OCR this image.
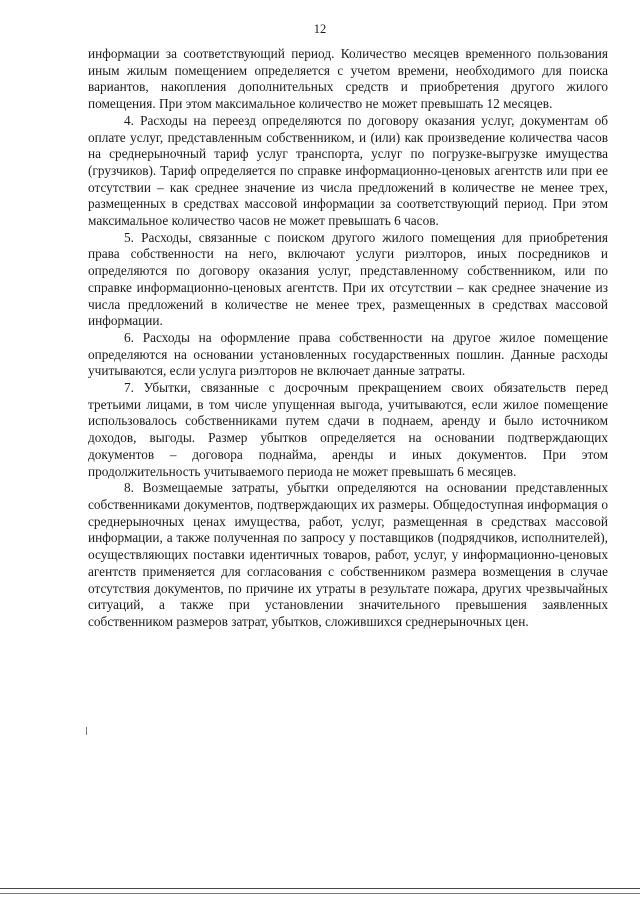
12

информации за соответствующий период. Количество месяцев временного пользования иным жилым помещением определяется с учетом времени, необходимого для поиска вариантов, накопления дополнительных средств и приобретения другого жилого помещения. При этом максимальное количество не может превышать 12 месяцев.

4. Расходы на переезд определяются по договору оказания услуг, документам об оплате услуг, представленным собственником, и (или) как произведение количества часов на среднерыночный тариф услуг транспорта, услуг по погрузке-выгрузке имущества (грузчиков). Тариф определяется по справке информационно-ценовых агентств или при ее отсутствии – как среднее значение из числа предложений в количестве не менее трех, размещенных в средствах массовой информации за соответствующий период. При этом максимальное количество часов не может превышать 6 часов.

5. Расходы, связанные с поиском другого жилого помещения для приобретения права собственности на него, включают услуги риэлторов, иных посредников и определяются по договору оказания услуг, представленному собственником, или по справке информационно-ценовых агентств. При их отсутствии – как среднее значение из числа предложений в количестве не менее трех, размещенных в средствах массовой информации.

6. Расходы на оформление права собственности на другое жилое помещение определяются на основании установленных государственных пошлин. Данные расходы учитываются, если услуга риэлторов не включает данные затраты.

7. Убытки, связанные с досрочным прекращением своих обязательств перед третьими лицами, в том числе упущенная выгода, учитываются, если жилое помещение использовалось собственниками путем сдачи в поднаем, аренду и было источником доходов, выгоды. Размер убытков определяется на основании подтверждающих документов – договора поднайма, аренды и иных документов. При этом продолжительность учитываемого периода не может превышать 6 месяцев.

8. Возмещаемые затраты, убытки определяются на основании представленных собственниками документов, подтверждающих их размеры. Общедоступная информация о среднерыночных ценах имущества, работ, услуг, размещенная в средствах массовой информации, а также полученная по запросу у поставщиков (подрядчиков, исполнителей), осуществляющих поставки идентичных товаров, работ, услуг, у информационно-ценовых агентств применяется для согласования с собственником размера возмещения в случае отсутствия документов, по причине их утраты в результате пожара, других чрезвычайных ситуаций, а также при установлении значительного превышения заявленных собственником размеров затрат, убытков, сложившихся среднерыночных цен.
